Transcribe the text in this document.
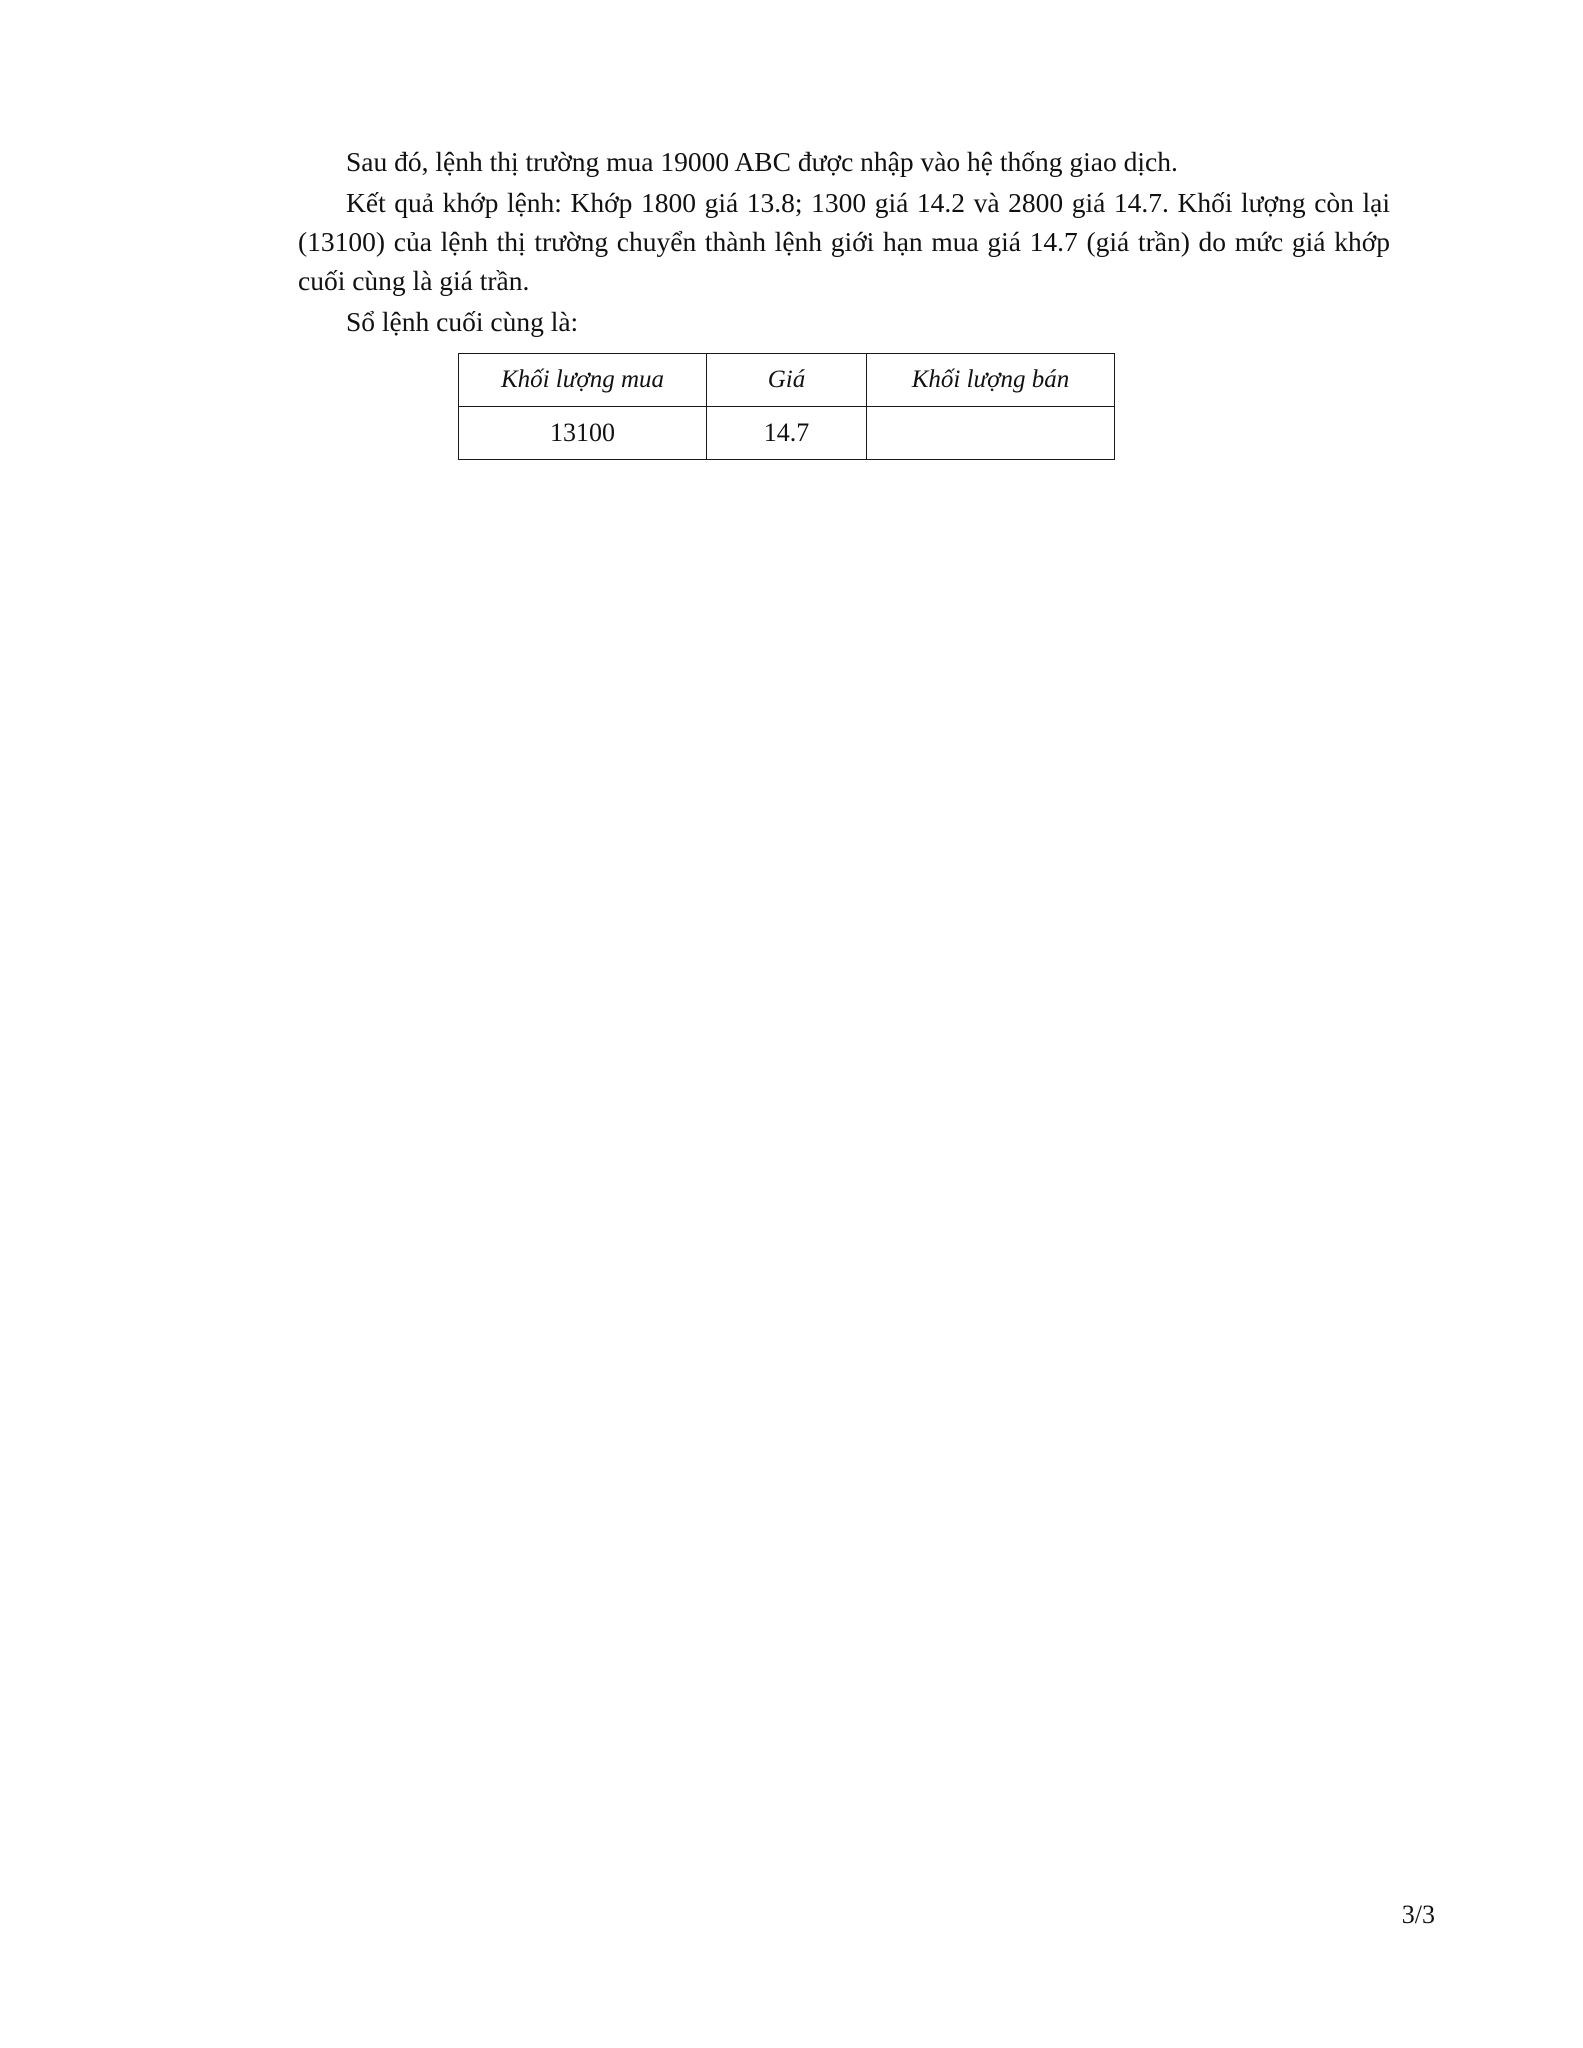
Sau đó, lệnh thị trường mua 19000 ABC được nhập vào hệ thống giao dịch.

Kết quả khớp lệnh: Khớp 1800 giá 13.8; 1300 giá 14.2 và 2800 giá 14.7. Khối lượng còn lại (13100) của lệnh thị trường chuyển thành lệnh giới hạn mua giá 14.7 (giá trần) do mức giá khớp cuối cùng là giá trần.

Sổ lệnh cuối cùng là:

Khối lượng mua	Giá	Khối lượng bán
13100	14.7	
3/3
